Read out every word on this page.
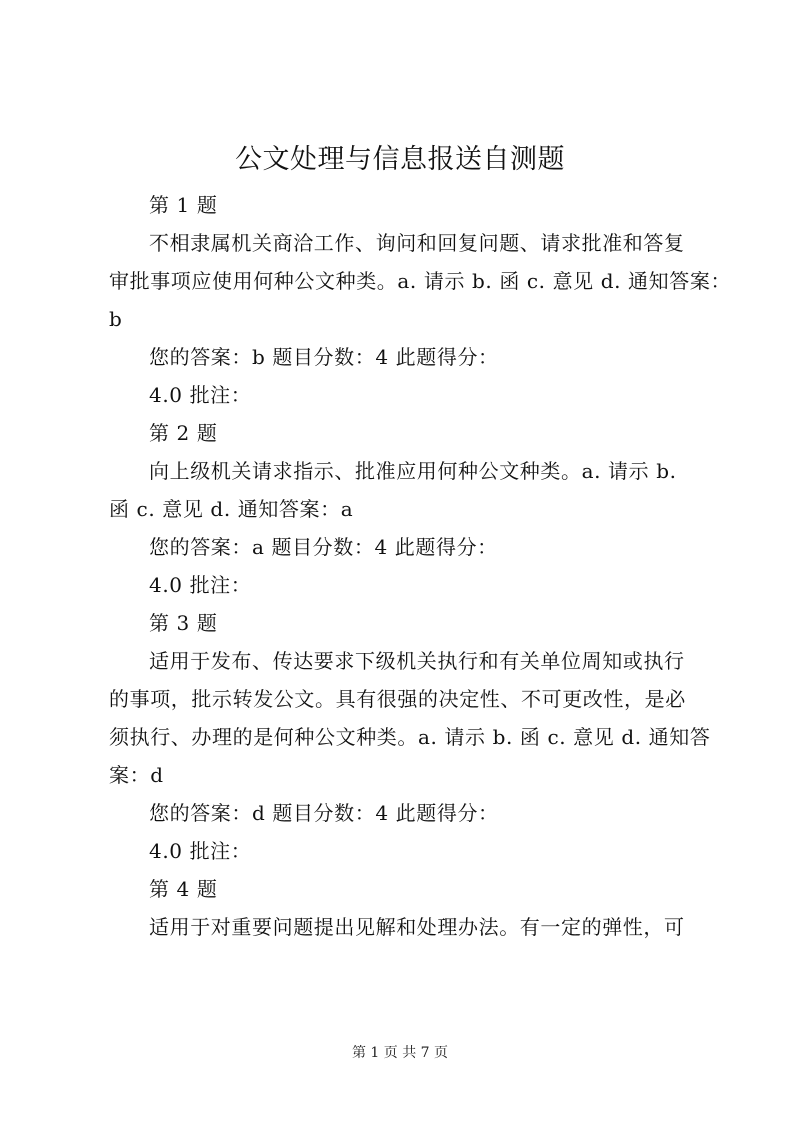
公文处理与信息报送自测题
第 1 题
不相隶属机关商洽工作、询问和回复问题、请求批准和答复
审批事项应使用何种公文种类。a. 请示 b. 函 c. 意见 d. 通知答案：
b
您的答案：b 题目分数：4 此题得分：
4.0 批注：
第 2 题
向上级机关请求指示、批准应用何种公文种类。a. 请示 b.
函 c. 意见 d. 通知答案：a
您的答案：a 题目分数：4 此题得分：
4.0 批注：
第 3 题
适用于发布、传达要求下级机关执行和有关单位周知或执行
的事项，批示转发公文。具有很强的决定性、不可更改性，是必
须执行、办理的是何种公文种类。a. 请示 b. 函 c. 意见 d. 通知答
案：d
您的答案：d 题目分数：4 此题得分：
4.0 批注：
第 4 题
适用于对重要问题提出见解和处理办法。有一定的弹性，可
第 1 页 共 7 页
